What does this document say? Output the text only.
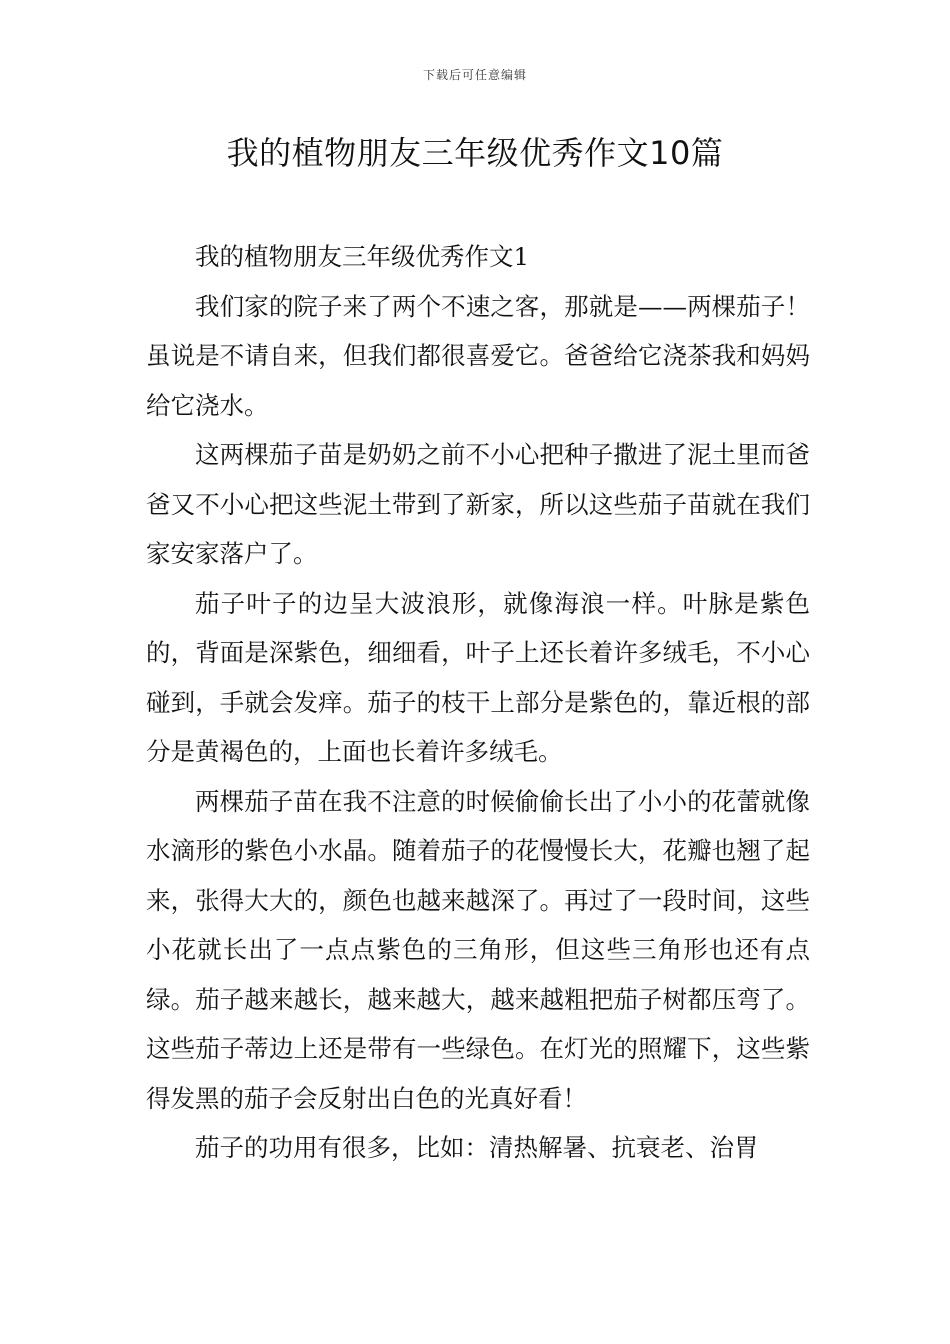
下载后可任意编辑
我的植物朋友三年级优秀作文10篇

我的植物朋友三年级优秀作文1

我们家的院子来了两个不速之客，那就是——两棵茄子！虽说是不请自来，但我们都很喜爱它。爸爸给它浇茶我和妈妈给它浇水。

这两棵茄子苗是奶奶之前不小心把种子撒进了泥土里而爸爸又不小心把这些泥土带到了新家，所以这些茄子苗就在我们家安家落户了。

茄子叶子的边呈大波浪形，就像海浪一样。叶脉是紫色的，背面是深紫色，细细看，叶子上还长着许多绒毛，不小心碰到，手就会发痒。茄子的枝干上部分是紫色的，靠近根的部分是黄褐色的，上面也长着许多绒毛。

两棵茄子苗在我不注意的时候偷偷长出了小小的花蕾就像水滴形的紫色小水晶。随着茄子的花慢慢长大，花瓣也翘了起来，张得大大的，颜色也越来越深了。再过了一段时间，这些小花就长出了一点点紫色的三角形，但这些三角形也还有点绿。茄子越来越长，越来越大，越来越粗把茄子树都压弯了。这些茄子蒂边上还是带有一些绿色。在灯光的照耀下，这些紫得发黑的茄子会反射出白色的光真好看！

茄子的功用有很多，比如：清热解暑、抗衰老、治胃
